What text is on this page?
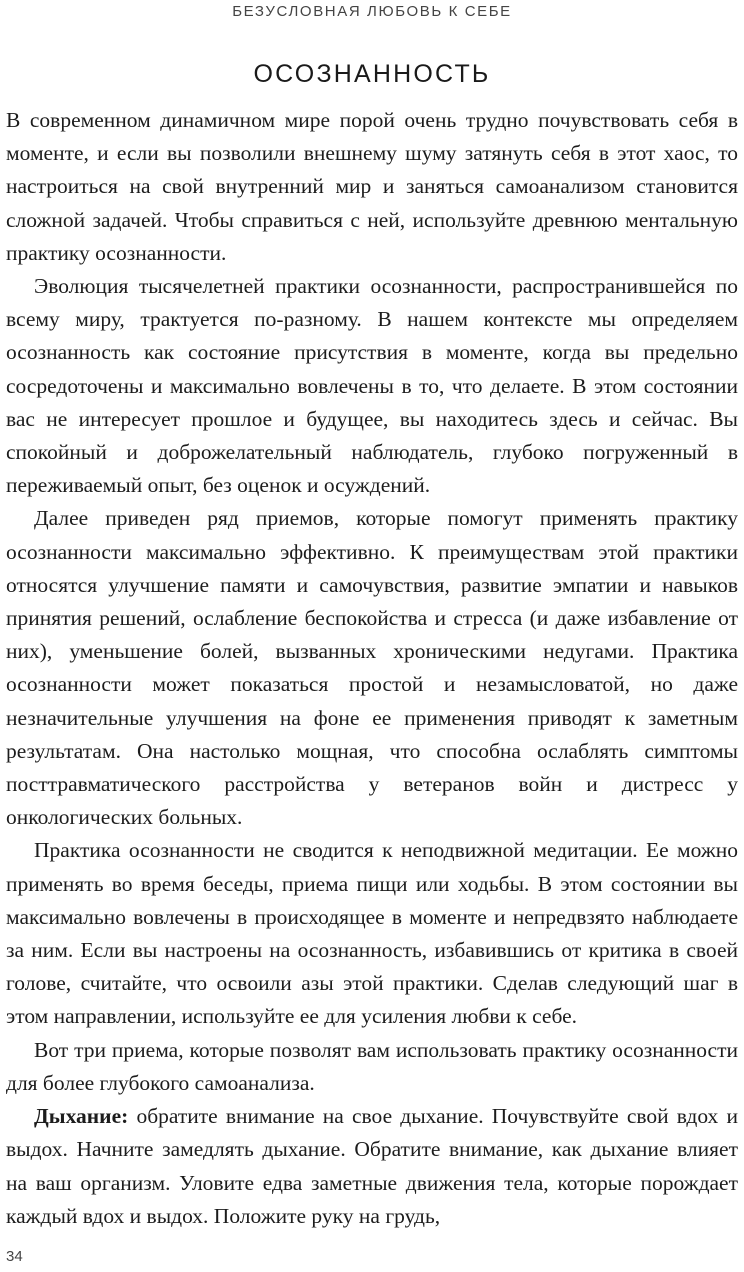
БЕЗУСЛОВНАЯ ЛЮБОВЬ К СЕБЕ
ОСОЗНАННОСТЬ

В современном динамичном мире порой очень трудно почувствовать себя в моменте, и если вы позволили внешнему шуму затянуть себя в этот хаос, то настроиться на свой внутренний мир и заняться самоанализом становится сложной задачей. Чтобы справиться с ней, используйте древнюю ментальную практику осознанности.

Эволюция тысячелетней практики осознанности, распространившейся по всему миру, трактуется по-разному. В нашем контексте мы определяем осознанность как состояние присутствия в моменте, когда вы предельно сосредоточены и максимально вовлечены в то, что делаете. В этом состоянии вас не интересует прошлое и будущее, вы находитесь здесь и сейчас. Вы спокойный и доброжелательный наблюдатель, глубоко погруженный в переживаемый опыт, без оценок и осуждений.

Далее приведен ряд приемов, которые помогут применять практику осознанности максимально эффективно. К преимуществам этой практики относятся улучшение памяти и самочувствия, развитие эмпатии и навыков принятия решений, ослабление беспокойства и стресса (и даже избавление от них), уменьшение болей, вызванных хроническими недугами. Практика осознанности может показаться простой и незамысловатой, но даже незначительные улучшения на фоне ее применения приводят к заметным результатам. Она настолько мощная, что способна ослаблять симптомы посттравматического расстройства у ветеранов войн и дистресс у онкологических больных.

Практика осознанности не сводится к неподвижной медитации. Ее можно применять во время беседы, приема пищи или ходьбы. В этом состоянии вы максимально вовлечены в происходящее в моменте и непредвзято наблюдаете за ним. Если вы настроены на осознанность, избавившись от критика в своей голове, считайте, что освоили азы этой практики. Сделав следующий шаг в этом направлении, используйте ее для усиления любви к себе.

Вот три приема, которые позволят вам использовать практику осознанности для более глубокого самоанализа.

Дыхание: обратите внимание на свое дыхание. Почувствуйте свой вдох и выдох. Начните замедлять дыхание. Обратите внимание, как дыхание влияет на ваш организм. Уловите едва заметные движения тела, которые порождает каждый вдох и выдох. Положите руку на грудь,

34
